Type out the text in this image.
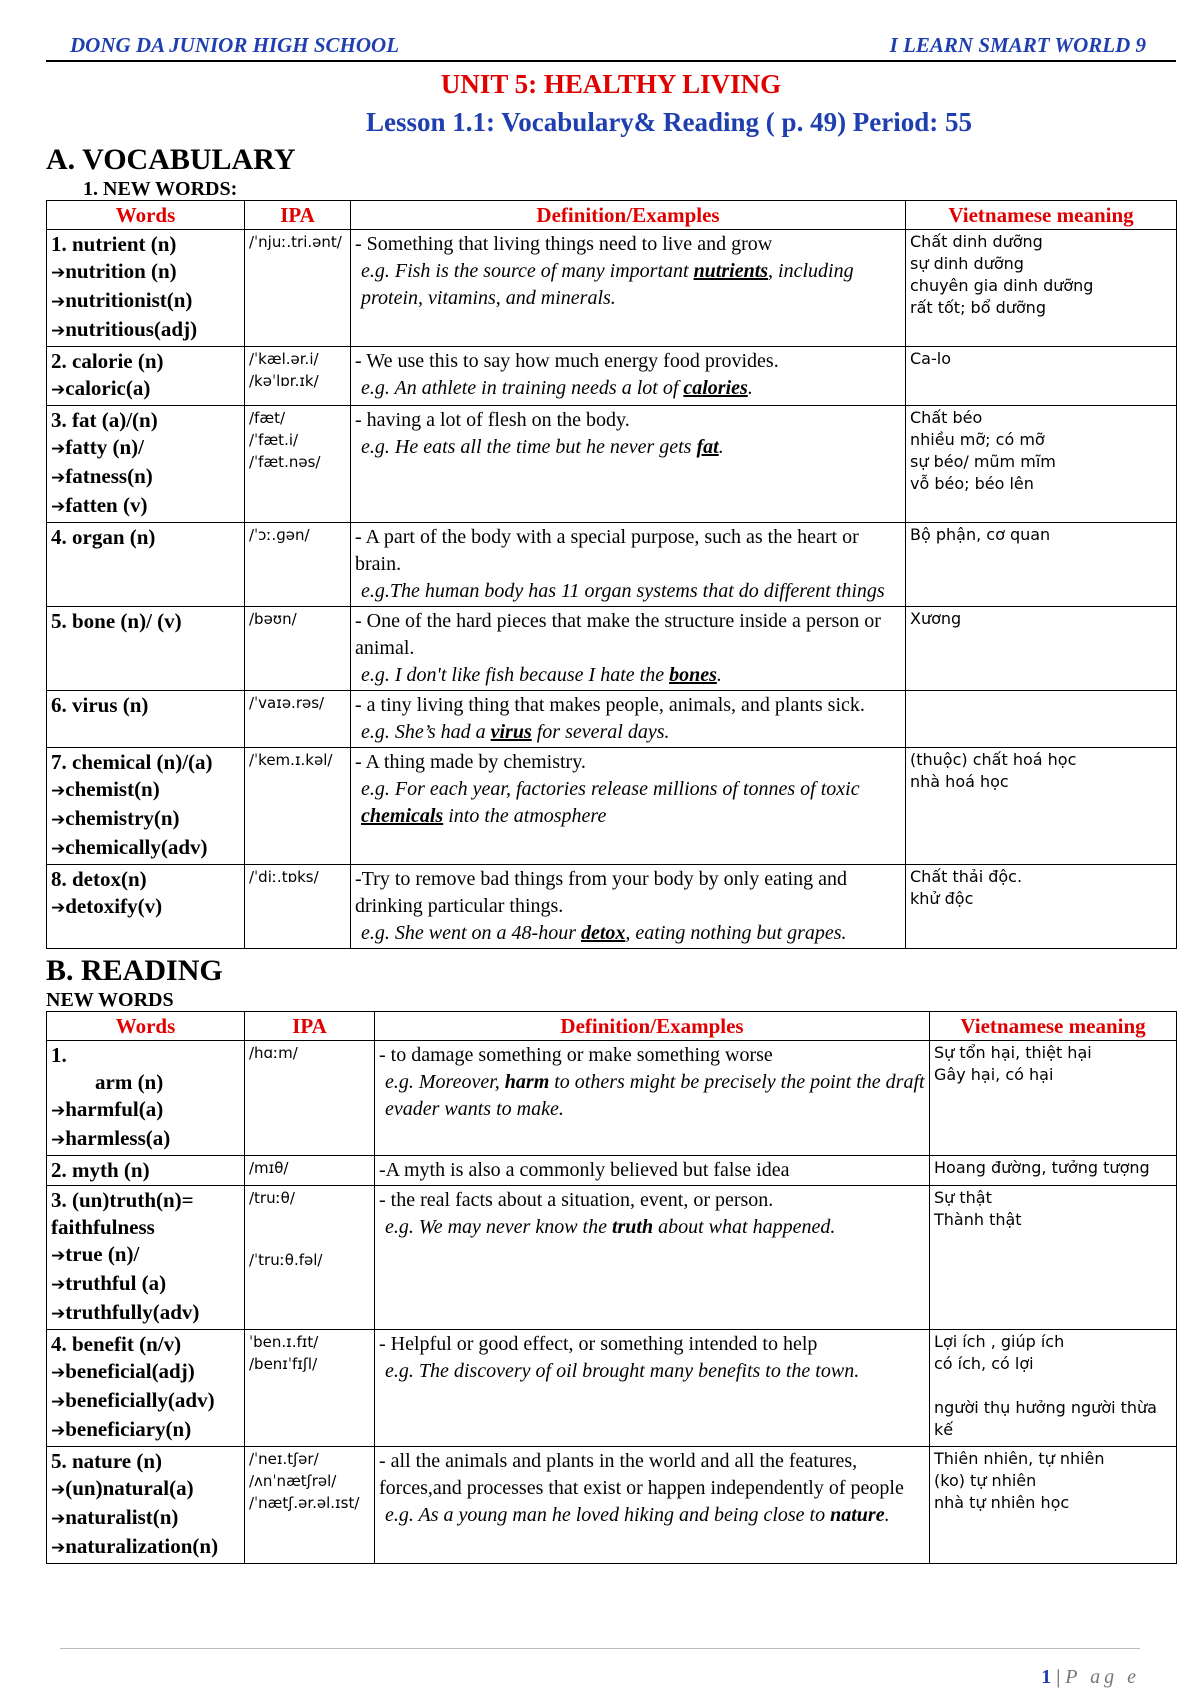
DONG DA JUNIOR HIGH SCHOOL	I LEARN SMART WORLD 9
UNIT 5: HEALTHY LIVING
Lesson 1.1: Vocabulary& Reading ( p. 49) Period: 55
A. VOCABULARY
1. NEW WORDS:
Words	IPA	Definition/Examples	Vietnamese meaning

1. nutrient (n)
➔nutrition (n)
➔nutritionist(n)
➔nutritious(adj)	/ˈnjuː.tri.ənt/	- Something that living things need to live and grow
e.g. Fish is the source of many important nutrients, including protein, vitamins, and minerals.	Chất dinh dưỡng
sự dinh dưỡng
chuyên gia dinh dưỡng
rất tốt; bổ dưỡng

2. calorie (n)
➔caloric(a)	/ˈkæl.ər.i/
/kəˈlɒr.ɪk/	- We use this to say how much energy food provides.
e.g. An athlete in training needs a lot of calories.	Ca-lo

3. fat (a)/(n)
➔fatty (n)/
➔fatness(n)
➔fatten (v)	/fæt/
/ˈfæt.i/
/ˈfæt.nəs/	- having a lot of flesh on the body.
e.g. He eats all the time but he never gets fat.	Chất béo
nhiều mỡ; có mỡ
sự béo/ mũm mĩm
vỗ béo; béo lên

4. organ (n)	/ˈɔː.ɡən/	- A part of the body with a special purpose, such as the heart or brain.
e.g.The human body has 11 organ systems that do different things	Bộ phận, cơ quan

5. bone (n)/ (v)	/bəʊn/	- One of the hard pieces that make the structure inside a person or animal.
e.g. I don't like fish because I hate the bones.	Xương

6. virus (n)	/ˈvaɪə.rəs/	- a tiny living thing that makes people, animals, and plants sick.
e.g. She’s had a virus for several days.	

7. chemical (n)/(a)
➔chemist(n)
➔chemistry(n)
➔chemically(adv)	/ˈkem.ɪ.kəl/	- A thing made by chemistry.
e.g. For each year, factories release millions of tonnes of toxic chemicals into the atmosphere	(thuộc) chất hoá học
nhà hoá học

8. detox(n)
➔detoxify(v)	/ˈdiː.tɒks/	-Try to remove bad things from your body by only eating and drinking particular things.
e.g. She went on a 48-hour detox, eating nothing but grapes.	Chất thải độc.
khử độc
B. READING
NEW WORDS
Words	IPA	Definition/Examples	Vietnamese meaning

1.
arm (n)
➔harmful(a)
➔harmless(a)	/hɑːm/	- to damage something or make something worse
e.g. Moreover, harm to others might be precisely the point the draft evader wants to make.	Sự tổn hại, thiệt hại
Gây hại, có hại

2. myth (n)	/mɪθ/	-A myth is also a commonly believed but false idea	Hoang đường, tưởng tượng

3. (un)truth(n)=
faithfulness
➔true (n)/
➔truthful (a)
➔truthfully(adv)	/truːθ/
/ˈtruːθ.fəl/	- the real facts about a situation, event, or person.
e.g. We may never know the truth about what happened.	Sự thật
Thành thật

4. benefit (n/v)
➔beneficial(adj)
➔beneficially(adv)
➔beneficiary(n)	ˈben.ɪ.fɪt/
/benɪˈfɪʃl/	- Helpful or good effect, or something intended to help
e.g. The discovery of oil brought many benefits to the town.	Lợi ích , giúp ích
có ích, có lợi

người thụ hưởng người thừa kế

5. nature (n)
➔(un)natural(a)
➔naturalist(n)
➔naturalization(n)	/ˈneɪ.tʃər/
/ʌnˈnætʃrəl/
/ˈnætʃ.ər.əl.ɪst/	- all the animals and plants in the world and all the features, forces,and processes that exist or happen independently of people
e.g. As a young man he loved hiking and being close to nature.	Thiên nhiên, tự nhiên
(ko) tự nhiên
nhà tự nhiên học
1 | P ag e
